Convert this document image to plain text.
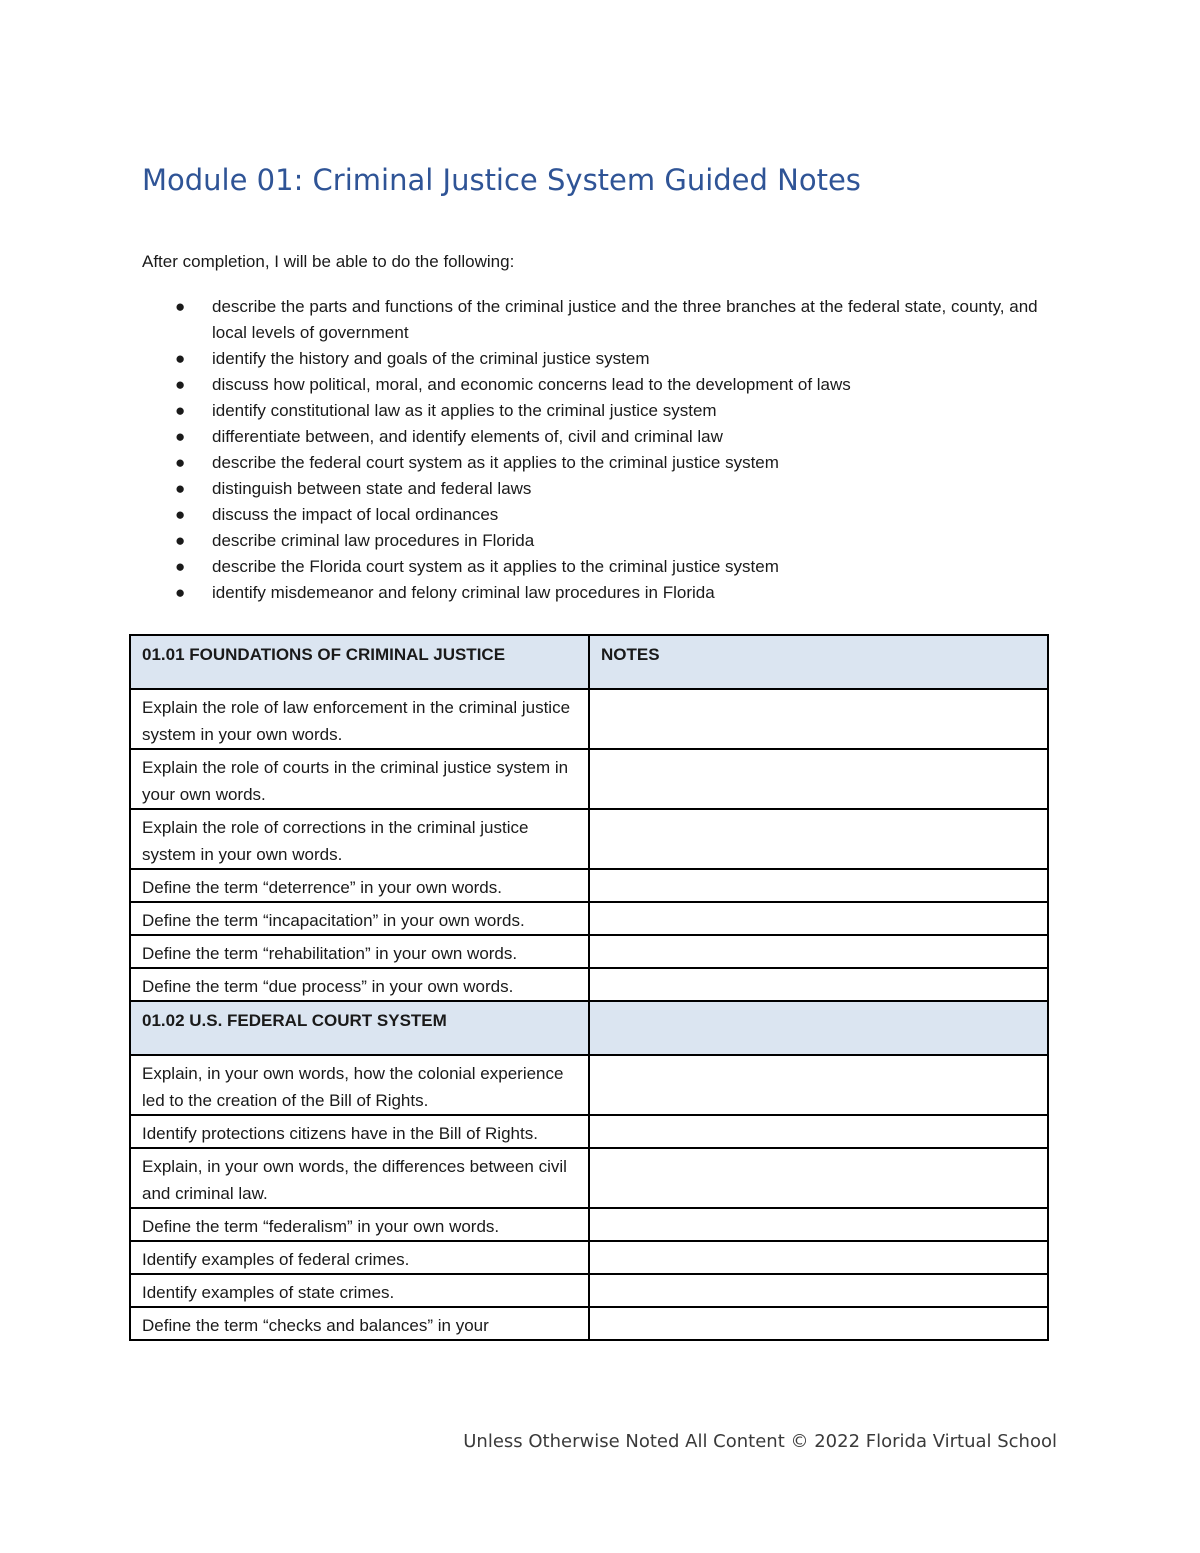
Module 01: Criminal Justice System Guided Notes

After completion, I will be able to do the following:

● describe the parts and functions of the criminal justice and the three branches at the federal state, county, and local levels of government
● identify the history and goals of the criminal justice system
● discuss how political, moral, and economic concerns lead to the development of laws
● identify constitutional law as it applies to the criminal justice system
● differentiate between, and identify elements of, civil and criminal law
● describe the federal court system as it applies to the criminal justice system
● distinguish between state and federal laws
● discuss the impact of local ordinances
● describe criminal law procedures in Florida
● describe the Florida court system as it applies to the criminal justice system
● identify misdemeanor and felony criminal law procedures in Florida
01.01 FOUNDATIONS OF CRIMINAL JUSTICE	NOTES
Explain the role of law enforcement in the criminal justice system in your own words.	
Explain the role of courts in the criminal justice system in your own words.	
Explain the role of corrections in the criminal justice system in your own words.	
Define the term “deterrence” in your own words.	
Define the term “incapacitation” in your own words.	
Define the term “rehabilitation” in your own words.	
Define the term “due process” in your own words.	
01.02 U.S. FEDERAL COURT SYSTEM	
Explain, in your own words, how the colonial experience led to the creation of the Bill of Rights.	
Identify protections citizens have in the Bill of Rights.	
Explain, in your own words, the differences between civil and criminal law.	
Define the term “federalism” in your own words.	
Identify examples of federal crimes.	
Identify examples of state crimes.	
Define the term “checks and balances” in your	
Unless Otherwise Noted All Content © 2022 Florida Virtual School
